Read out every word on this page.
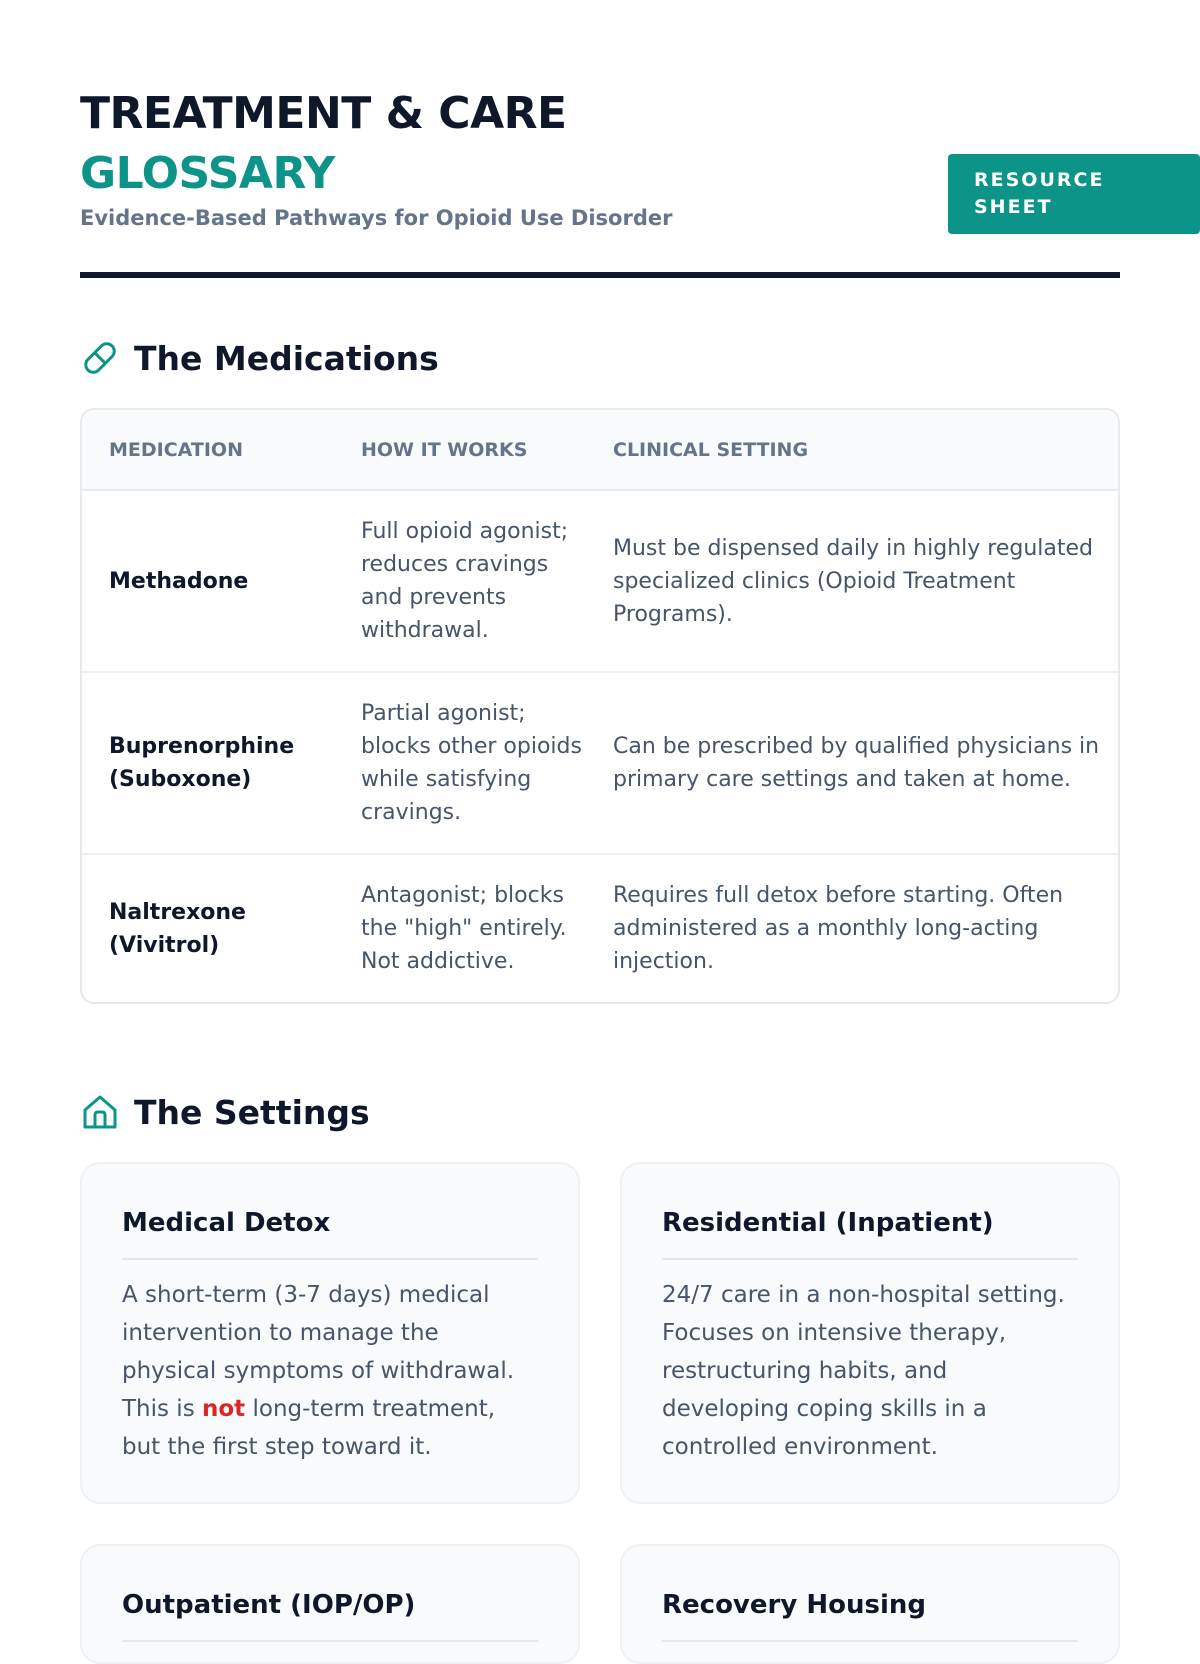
TREATMENT & CARE
GLOSSARY
Evidence-Based Pathways for Opioid Use Disorder
RESOURCE
SHEET
The Medications
MEDICATION	HOW IT WORKS	CLINICAL SETTING
Methadone	Full opioid agonist; reduces cravings and prevents withdrawal.	Must be dispensed daily in highly regulated specialized clinics (Opioid Treatment Programs).
Buprenorphine (Suboxone)	Partial agonist; blocks other opioids while satisfying cravings.	Can be prescribed by qualified physicians in primary care settings and taken at home.
Naltrexone (Vivitrol)	Antagonist; blocks the "high" entirely. Not addictive.	Requires full detox before starting. Often administered as a monthly long-acting injection.
The Settings
Medical Detox

A short-term (3-7 days) medical intervention to manage the physical symptoms of withdrawal. This is not long-term treatment, but the first step toward it.

Residential (Inpatient)

24/7 care in a non-hospital setting. Focuses on intensive therapy, restructuring habits, and developing coping skills in a controlled environment.

Outpatient (IOP/OP)	Recovery Housing
